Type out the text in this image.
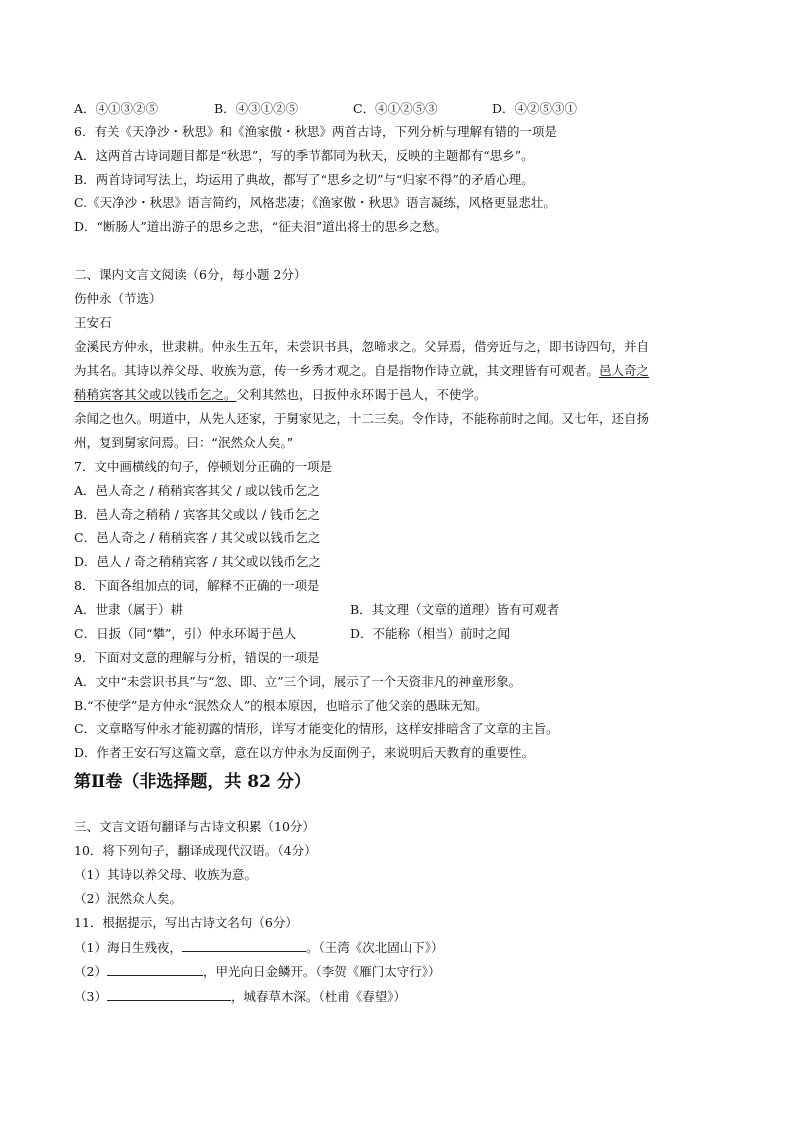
A．④①③②⑤	B．④③①②⑤	C．④①②⑤③	D．④②⑤③①
6．有关《天净沙・秋思》和《渔家傲・秋思》两首古诗，下列分析与理解有错的一项是
A．这两首古诗词题目都是“秋思”，写的季节都同为秋天，反映的主题都有“思乡”。
B．两首诗词写法上，均运用了典故，都写了“思乡之切”与“归家不得”的矛盾心理。
C.《天净沙・秋思》语言简约，风格悲凄；《渔家傲・秋思》语言凝练，风格更显悲壮。
D．“断肠人”道出游子的思乡之悲，“征夫泪”道出将士的思乡之愁。
二、课内文言文阅读（6分，每小题 2分）
伤仲永（节选）
王安石
金溪民方仲永，世隶耕。仲永生五年，未尝识书具，忽啼求之。父异焉，借旁近与之，即书诗四句，并自
为其名。其诗以养父母、收族为意，传一乡秀才观之。自是指物作诗立就，其文理皆有可观者。邑人奇之
稍稍宾客其父或以钱币乞之。父利其然也，日扳仲永环谒于邑人，不使学。
余闻之也久。明道中，从先人还家，于舅家见之，十二三矣。令作诗，不能称前时之闻。又七年，还自扬
州，复到舅家问焉。曰：“泯然众人矣。”
7．文中画横线的句子，停顿划分正确的一项是
A．邑人奇之 / 稍稍宾客其父 / 或以钱币乞之
B．邑人奇之稍稍 / 宾客其父或以 / 钱币乞之
C．邑人奇之 / 稍稍宾客 / 其父或以钱币乞之
D．邑人 / 奇之稍稍宾客 / 其父或以钱币乞之
8．下面各组加点的词，解释不正确的一项是
A．世隶（属于）耕	B．其文理（文章的道理）皆有可观者
C．日扳（同“攀”，引）仲永环谒于邑人	D．不能称（相当）前时之闻
9．下面对文意的理解与分析，错误的一项是
A．文中“未尝识书具”与“忽、即、立”三个词，展示了一个天资非凡的神童形象。
B.“不使学”是方仲永“泯然众人”的根本原因，也暗示了他父亲的愚昧无知。
C．文章略写仲永才能初露的情形，详写才能变化的情形，这样安排暗含了文章的主旨。
D．作者王安石写这篇文章，意在以方仲永为反面例子，来说明后天教育的重要性。
第Ⅱ卷（非选择题，共 82 分）
三、文言文语句翻译与古诗文积累（10分）
10．将下列句子，翻译成现代汉语。（4分）
（1）其诗以养父母、收族为意。
（2）泯然众人矣。
11．根据提示，写出古诗文名句（6分）
（1）海日生残夜，	。（王湾《次北固山下》）
（2）	，甲光向日金鳞开。（李贺《雁门太守行》）
（3）	，城春草木深。（杜甫《春望》）
